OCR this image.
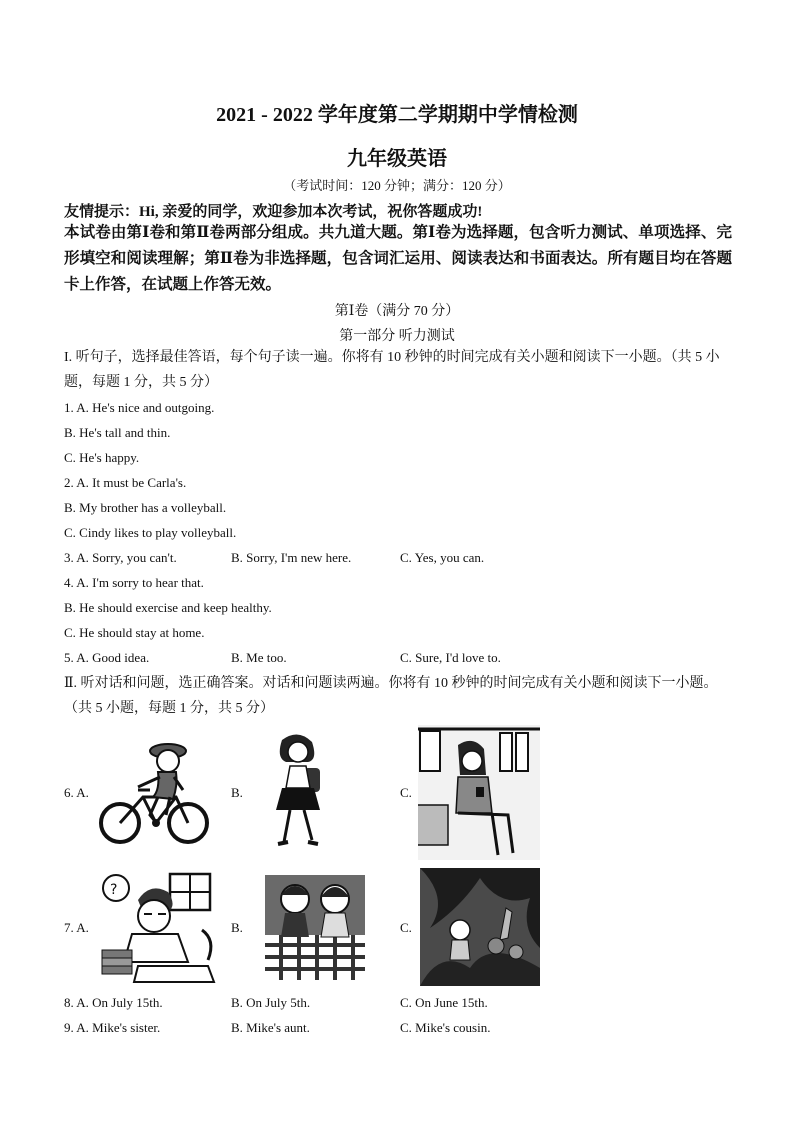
2021 - 2022 学年度第二学期期中学情检测
九年级英语
（考试时间：120 分钟；满分：120 分）
友情提示：Hi, 亲爱的同学，欢迎参加本次考试，祝你答题成功!
本试卷由第Ⅰ卷和第Ⅱ卷两部分组成。共九道大题。第Ⅰ卷为选择题，包含听力测试、单项选择、完形填空和阅读理解；第Ⅱ卷为非选择题，包含词汇运用、阅读表达和书面表达。所有题目均在答题卡上作答，在试题上作答无效。
第Ⅰ卷（满分 70 分）
第一部分 听力测试
I. 听句子，选择最佳答语，每个句子读一遍。你将有 10 秒钟的时间完成有关小题和阅读下一小题。（共 5 小题，每题 1 分，共 5 分）
1. A. He's nice and outgoing.
B. He's tall and thin.
C. He's happy.
2. A. It must be Carla's.
B. My brother has a volleyball.
C. Cindy likes to play volleyball.
3. A. Sorry, you can't.	B. Sorry, I'm new here.	C. Yes, you can.
4. A. I'm sorry to hear that.
B. He should exercise and keep healthy.
C. He should stay at home.
5. A. Good idea.	B. Me too.	C. Sure, I'd love to.
Ⅱ. 听对话和问题，选正确答案。对话和问题读两遍。你将有 10 秒钟的时间完成有关小题和阅读下一小题。（共 5 小题，每题 1 分，共 5 分）
6. A.	B.	C.
7. A.	B.	C.
?
8. A. On July 15th.	B. On July 5th.	C. On June 15th.
9. A. Mike's sister.	B. Mike's aunt.	C. Mike's cousin.
